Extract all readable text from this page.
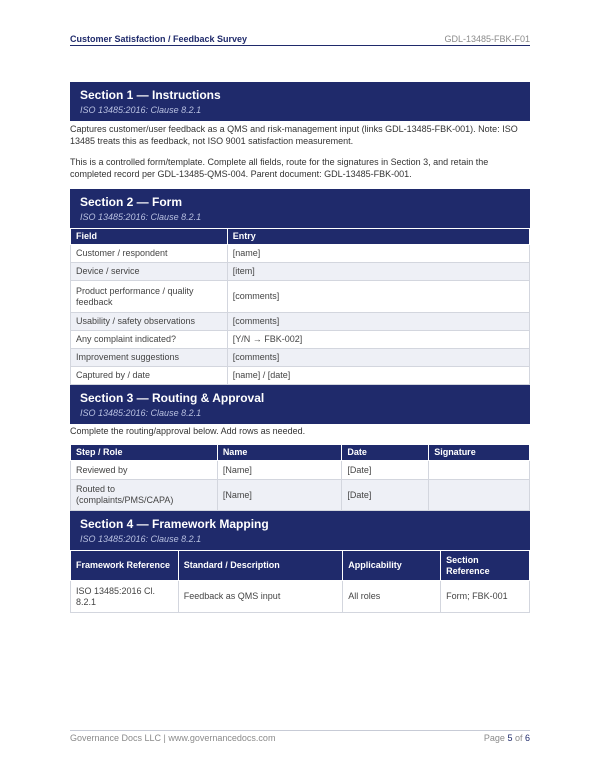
Customer Satisfaction / Feedback Survey	GDL-13485-FBK-F01
Section 1 — Instructions
ISO 13485:2016: Clause 8.2.1

Captures customer/user feedback as a QMS and risk-management input (links GDL-13485-FBK-001). Note: ISO 13485 treats this as feedback, not ISO 9001 satisfaction measurement.

This is a controlled form/template. Complete all fields, route for the signatures in Section 3, and retain the completed record per GDL-13485-QMS-004. Parent document: GDL-13485-FBK-001.

Section 2 — Form
ISO 13485:2016: Clause 8.2.1
Field	Entry
Customer / respondent	[name]
Device / service	[item]
Product performance / quality feedback	[comments]
Usability / safety observations	[comments]
Any complaint indicated?	[Y/N → FBK-002]
Improvement suggestions	[comments]
Captured by / date	[name] / [date]
Section 3 — Routing & Approval
ISO 13485:2016: Clause 8.2.1

Complete the routing/approval below. Add rows as needed.

Step / Role	Name	Date	Signature
Reviewed by	[Name]	[Date]	
Routed to (complaints/PMS/CAPA)	[Name]	[Date]	
Section 4 — Framework Mapping
ISO 13485:2016: Clause 8.2.1
Framework Reference	Standard / Description	Applicability	Section Reference
ISO 13485:2016 Cl. 8.2.1	Feedback as QMS input	All roles	Form; FBK-001
Governance Docs LLC | www.governancedocs.com	Page 5 of 6
